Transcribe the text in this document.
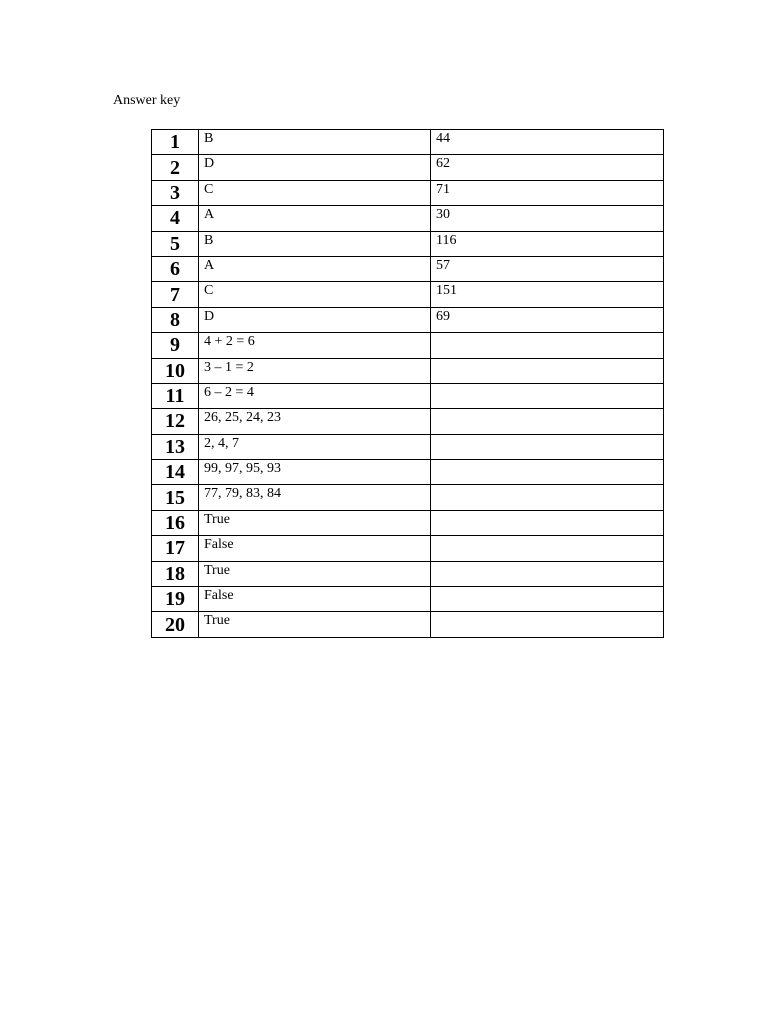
Answer key
1	B	44
2	D	62
3	C	71
4	A	30
5	B	116
6	A	57
7	C	151
8	D	69
9	4 + 2 = 6	
10	3 – 1 = 2	
11	6 – 2 = 4	
12	26, 25, 24, 23	
13	2, 4, 7	
14	99, 97, 95, 93	
15	77, 79, 83, 84	
16	True	
17	False	
18	True	
19	False	
20	True	
